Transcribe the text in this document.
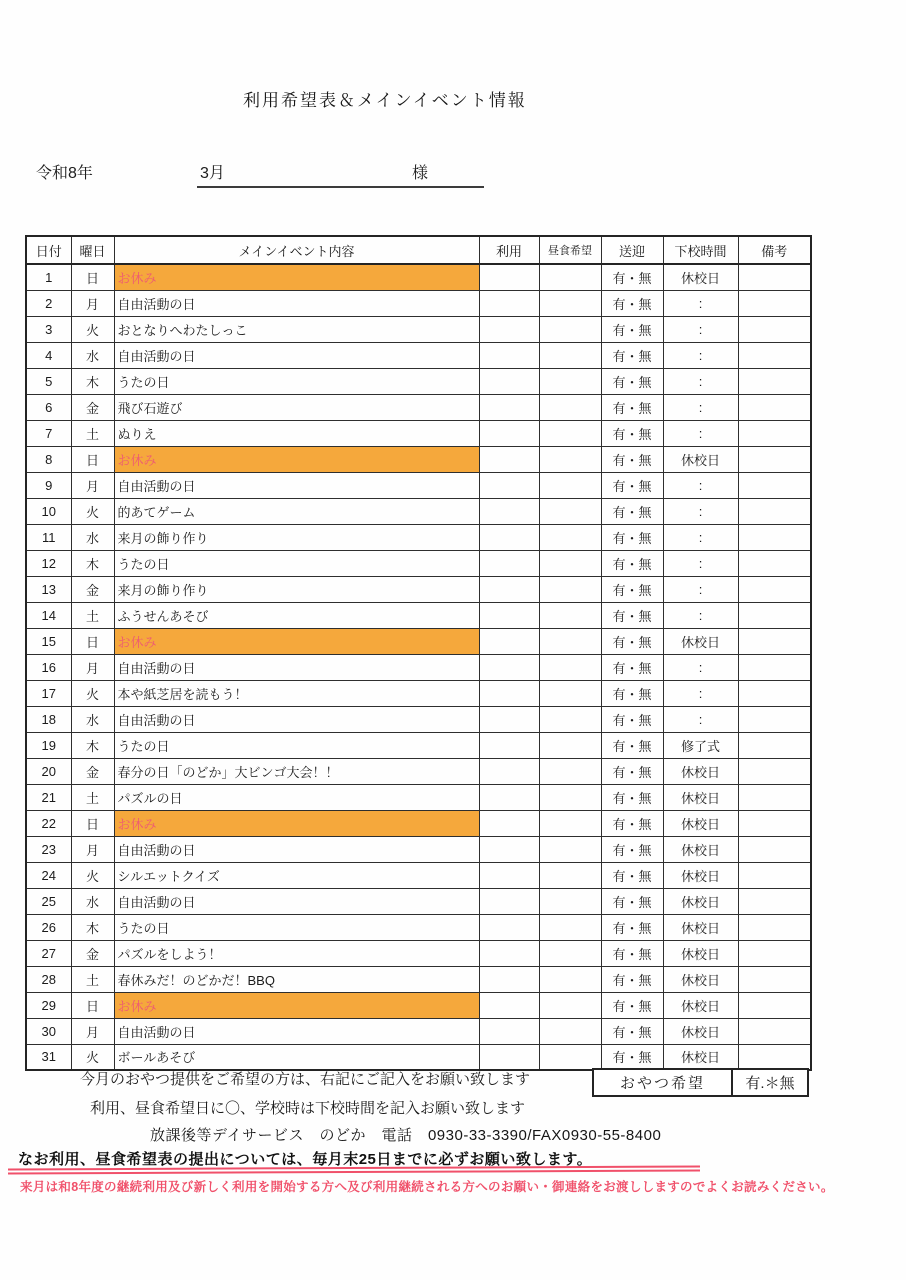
利用希望表＆メインイベント情報
令和8年	3月	様
日付	曜日	メインイベント内容	利用	昼食希望	送迎	下校時間	備考
1	日	お休み			有・無	休校日	
2	月	自由活動の日			有・無	:	
3	火	おとなりへわたしっこ			有・無	:	
4	水	自由活動の日			有・無	:	
5	木	うたの日			有・無	:	
6	金	飛び石遊び			有・無	:	
7	土	ぬりえ			有・無	:	
8	日	お休み			有・無	休校日	
9	月	自由活動の日			有・無	:	
10	火	的あてゲーム			有・無	:	
11	水	来月の飾り作り			有・無	:	
12	木	うたの日			有・無	:	
13	金	来月の飾り作り			有・無	:	
14	土	ふうせんあそび			有・無	:	
15	日	お休み			有・無	休校日	
16	月	自由活動の日			有・無	:	
17	火	本や紙芝居を読もう！			有・無	:	
18	水	自由活動の日			有・無	:	
19	木	うたの日			有・無	修了式	
20	金	春分の日「のどか」大ビンゴ大会！！			有・無	休校日	
21	土	パズルの日			有・無	休校日	
22	日	お休み			有・無	休校日	
23	月	自由活動の日			有・無	休校日	
24	火	シルエットクイズ			有・無	休校日	
25	水	自由活動の日			有・無	休校日	
26	木	うたの日			有・無	休校日	
27	金	パズルをしよう！			有・無	休校日	
28	土	春休みだ！のどかだ！BBQ			有・無	休校日	
29	日	お休み			有・無	休校日	
30	月	自由活動の日			有・無	休校日	
31	火	ボールあそび			有・無	休校日	
おやつ希望	有.＊無
今月のおやつ提供をご希望の方は、右記にご記入をお願い致します
利用、昼食希望日に〇、学校時は下校時間を記入お願い致します
放課後等デイサービス　のどか　電話　0930-33-3390/FAX0930-55-8400
なお利用、昼食希望表の提出については、毎月末25日までに必ずお願い致します。
来月は和8年度の継続利用及び新しく利用を開始する方へ及び利用継続される方へのお願い・御連絡をお渡ししますのでよくお読みください。
